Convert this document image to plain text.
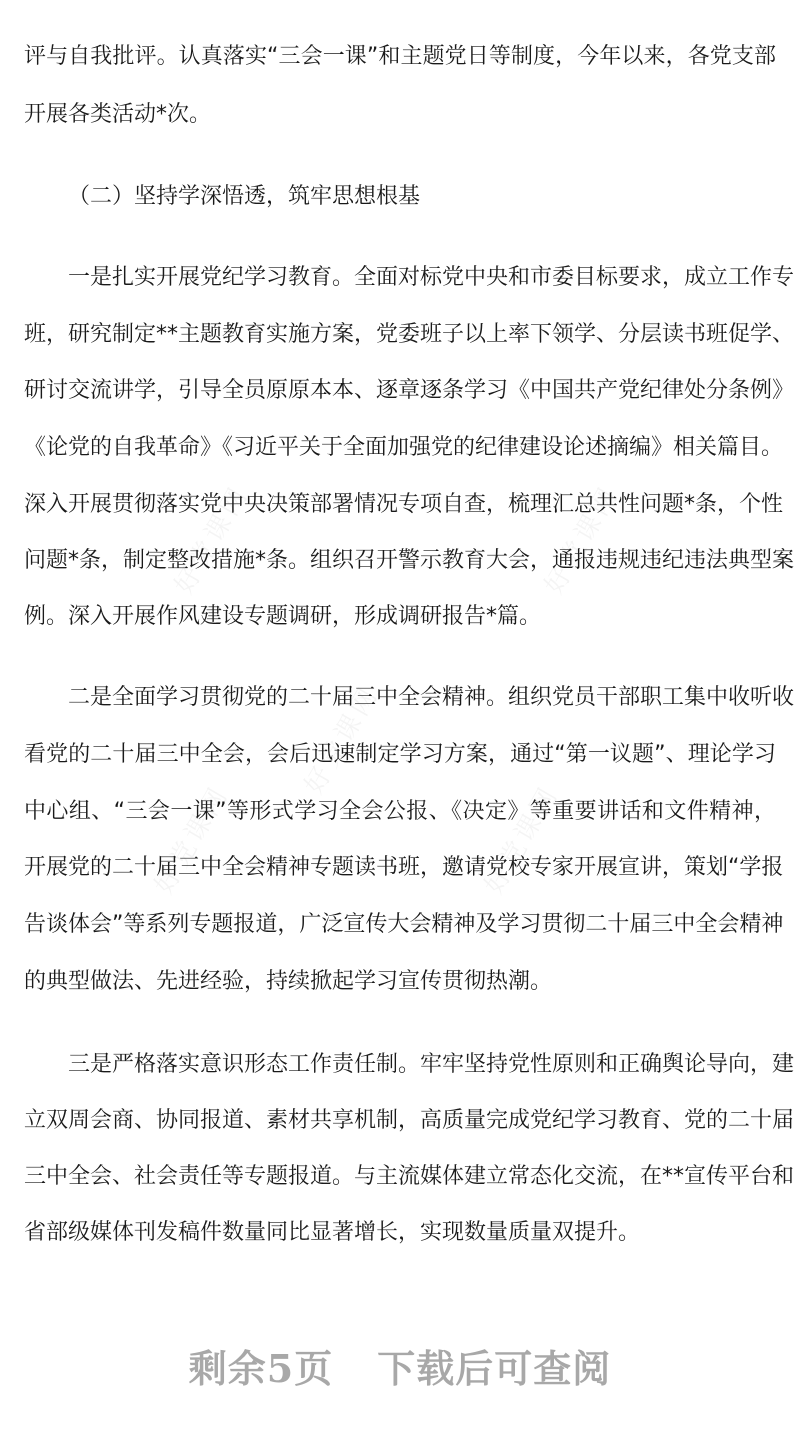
评与自我批评。认真落实“三会一课”和主题党日等制度，今年以来，各党支部
开展各类活动*次。
（二）坚持学深悟透，筑牢思想根基
一是扎实开展党纪学习教育。全面对标党中央和市委目标要求，成立工作专
班，研究制定**主题教育实施方案，党委班子以上率下领学、分层读书班促学、
研讨交流讲学，引导全员原原本本、逐章逐条学习《中国共产党纪律处分条例》
《论党的自我革命》《习近平关于全面加强党的纪律建设论述摘编》相关篇目。
深入开展贯彻落实党中央决策部署情况专项自查，梳理汇总共性问题*条，个性
问题*条，制定整改措施*条。组织召开警示教育大会，通报违规违纪违法典型案
例。深入开展作风建设专题调研，形成调研报告*篇。
二是全面学习贯彻党的二十届三中全会精神。组织党员干部职工集中收听收
看党的二十届三中全会，会后迅速制定学习方案，通过“第一议题”、理论学习
中心组、“三会一课”等形式学习全会公报、《决定》等重要讲话和文件精神，
开展党的二十届三中全会精神专题读书班，邀请党校专家开展宣讲，策划“学报
告谈体会”等系列专题报道，广泛宣传大会精神及学习贯彻二十届三中全会精神
的典型做法、先进经验，持续掀起学习宣传贯彻热潮。
三是严格落实意识形态工作责任制。牢牢坚持党性原则和正确舆论导向，建
立双周会商、协同报道、素材共享机制，高质量完成党纪学习教育、党的二十届
三中全会、社会责任等专题报道。与主流媒体建立常态化交流，在**宣传平台和
省部级媒体刊发稿件数量同比显著增长，实现数量质量双提升。
剩余5页 下载后可查阅
